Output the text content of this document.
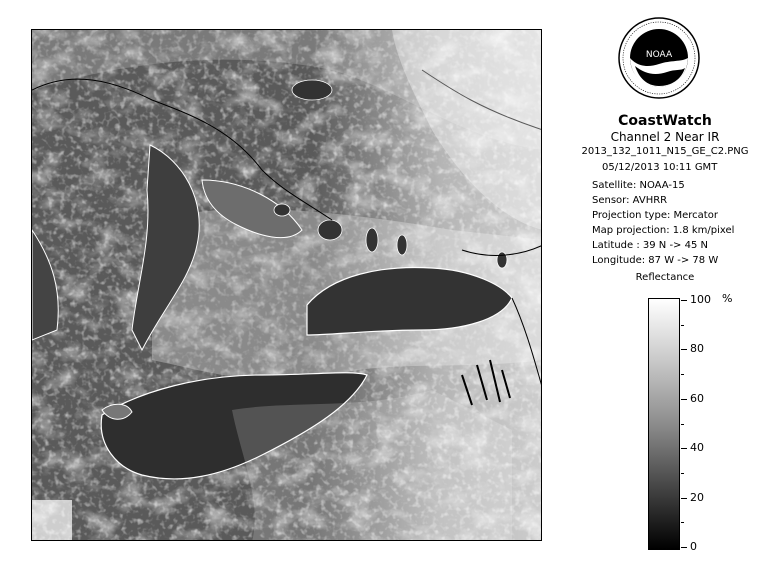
NOAA
CoastWatch
Channel 2 Near IR
2013_132_1011_N15_GE_C2.PNG
05/12/2013 10:11 GMT
Satellite: NOAA-15
Sensor: AVHRR
Projection type: Mercator
Map projection: 1.8 km/pixel
Latitude : 39 N -> 45 N
Longitude: 87 W -> 78 W
Reflectance
%
100
80
60
40
20
0
